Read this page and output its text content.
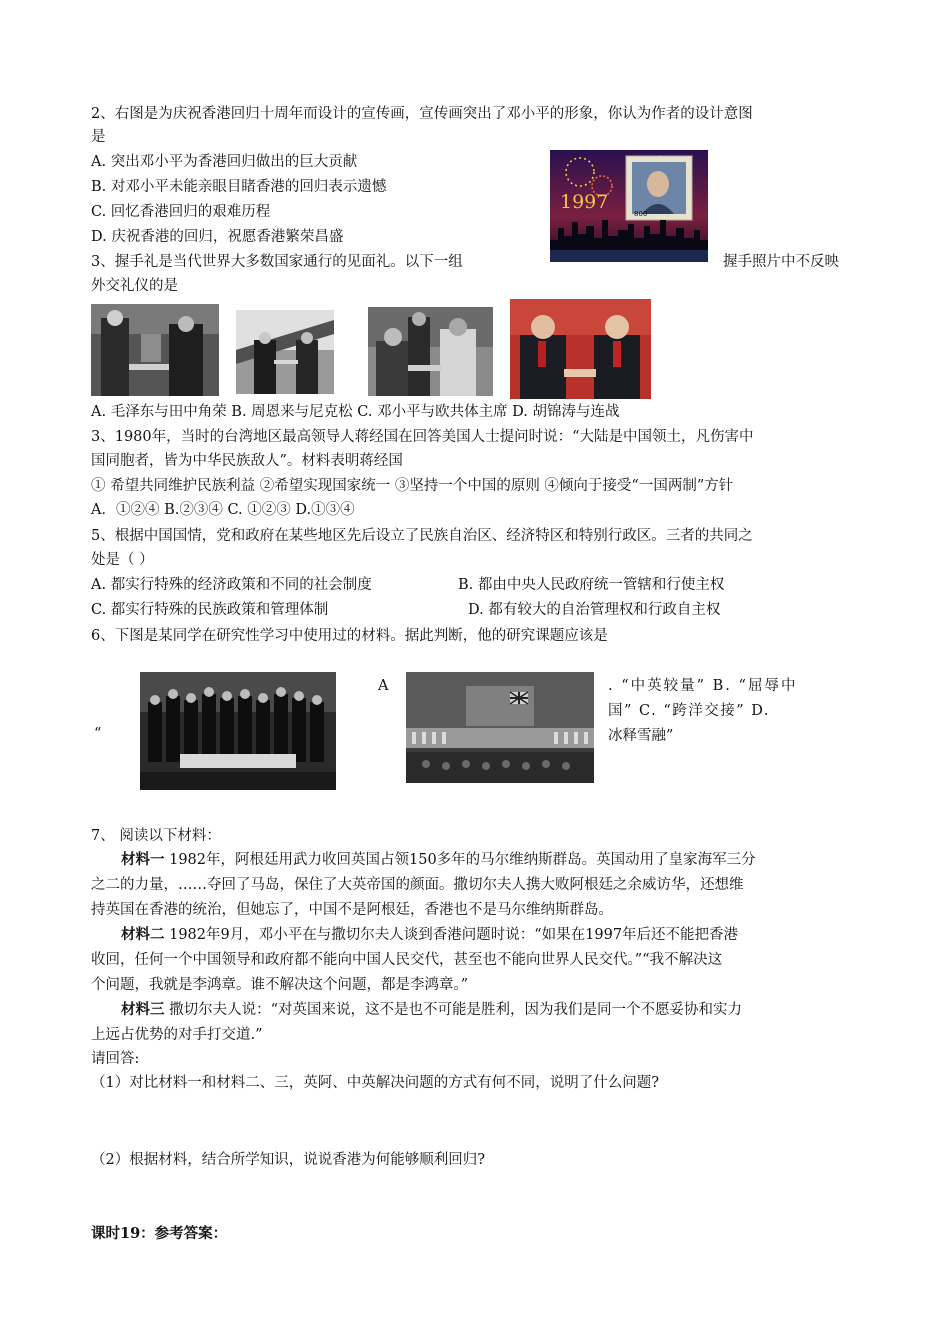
2、右图是为庆祝香港回归十周年而设计的宣传画，宣传画突出了邓小平的形象，你认为作者的设计意图
是
A. 突出邓小平为香港回归做出的巨大贡献
B. 对邓小平未能亲眼目睹香港的回归表示遗憾
C. 回忆香港回归的艰难历程
D. 庆祝香港的回归，祝愿香港繁荣昌盛
800
1997
3、握手礼是当代世界大多数国家通行的见面礼。以下一组	握手照片中不反映
外交礼仪的是
A. 毛泽东与田中角荣 B. 周恩来与尼克松 C. 邓小平与欧共体主席 D. 胡锦涛与连战
3、1980年，当时的台湾地区最高领导人蒋经国在回答美国人士提问时说：“大陆是中国领土，凡伤害中
国同胞者，皆为中华民族敌人”。材料表明蒋经国
① 希望共同维护民族利益 ②希望实现国家统一 ③坚持一个中国的原则 ④倾向于接受“一国两制”方针
A．①②④ B.②③④ C. ①②③ D.①③④
5、根据中国国情，党和政府在某些地区先后设立了民族自治区、经济特区和特别行政区。三者的共同之
处是（ ）
A. 都实行特殊的经济政策和不同的社会制度	B. 都由中央人民政府统一管辖和行使主权
C. 都实行特殊的民族政策和管理体制	D. 都有较大的自治管理权和行政自主权
6、下图是某同学在研究性学习中使用过的材料。据此判断，他的研究课题应该是
“
A	. “中英较量” B. “屈辱中
国” C. “跨洋交接” D.
冰释雪融”
7、 阅读以下材料：
材料一 1982年，阿根廷用武力收回英国占领150多年的马尔维纳斯群岛。英国动用了皇家海军三分
之二的力量，……夺回了马岛，保住了大英帝国的颜面。撒切尔夫人携大败阿根廷之余威访华，还想维
持英国在香港的统治，但她忘了，中国不是阿根廷，香港也不是马尔维纳斯群岛。
材料二 1982年9月，邓小平在与撒切尔夫人谈到香港问题时说：“如果在1997年后还不能把香港
收回，任何一个中国领导和政府都不能向中国人民交代，甚至也不能向世界人民交代。”“我不解决这
个问题，我就是李鸿章。谁不解决这个问题，都是李鸿章。”
材料三 撒切尔夫人说：“对英国来说，这不是也不可能是胜利，因为我们是同一个不愿妥协和实力
上远占优势的对手打交道.”
请回答:
（1）对比材料一和材料二、三，英阿、中英解决问题的方式有何不同，说明了什么问题?
（2）根据材料，结合所学知识，说说香港为何能够顺利回归?
课时19：参考答案：
